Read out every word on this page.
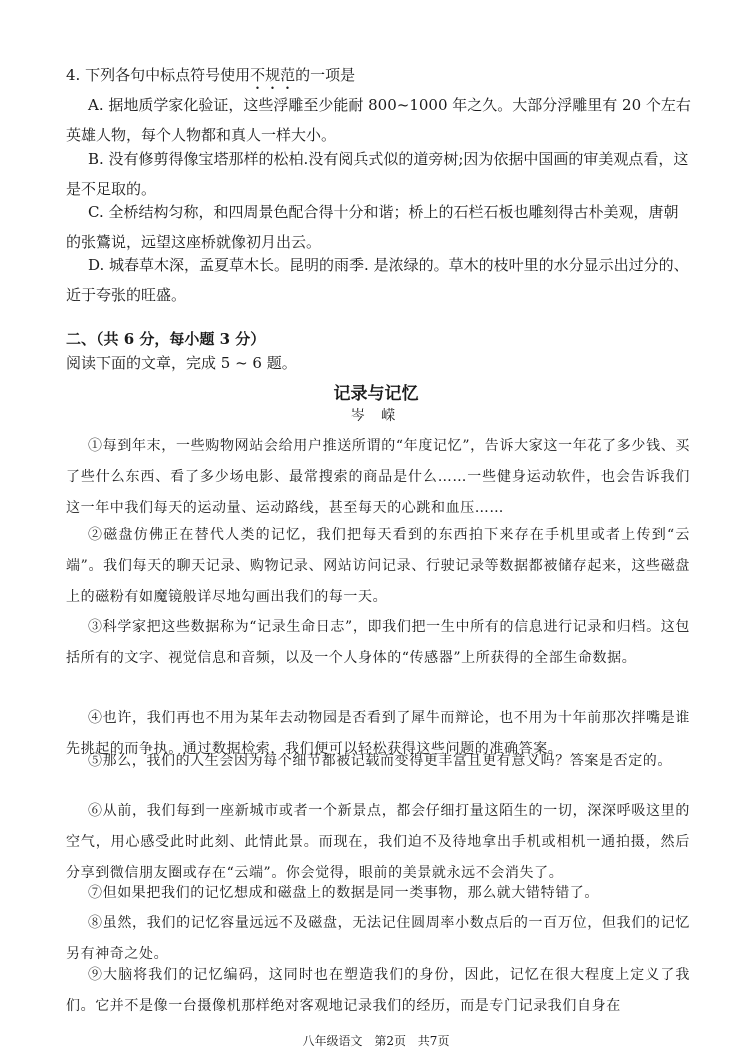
4. 下列各句中标点符号使用不规范的一项是
A. 据地质学家化验证，这些浮雕至少能耐 800~1000 年之久。大部分浮雕里有 20 个左右英雄人物，每个人物都和真人一样大小。
B. 没有修剪得像宝塔那样的松柏.没有阅兵式似的道旁树;因为依据中国画的审美观点看，这是不足取的。
C. 全桥结构匀称，和四周景色配合得十分和谐；桥上的石栏石板也雕刻得古朴美观，唐朝的张鷟说，远望这座桥就像初月出云。
D. 城春草木深，孟夏草木长。昆明的雨季. 是浓绿的。草木的枝叶里的水分显示出过分的、近于夸张的旺盛。
二、（共 6 分，每小题 3 分）
阅读下面的文章，完成 5 ~ 6 题。
记录与记忆
岑 嵘
①每到年末，一些购物网站会给用户推送所谓的“年度记忆”，告诉大家这一年花了多少钱、买了些什么东西、看了多少场电影、最常搜索的商品是什么……一些健身运动软件，也会告诉我们这一年中我们每天的运动量、运动路线，甚至每天的心跳和血压……
②磁盘仿佛正在替代人类的记忆，我们把每天看到的东西拍下来存在手机里或者上传到“云端”。我们每天的聊天记录、购物记录、网站访问记录、行驶记录等数据都被储存起来，这些磁盘上的磁粉有如魔镜般详尽地勾画出我们的每一天。
③科学家把这些数据称为“记录生命日志”，即我们把一生中所有的信息进行记录和归档。这包括所有的文字、视觉信息和音频，以及一个人身体的“传感器”上所获得的全部生命数据。
④也许，我们再也不用为某年去动物园是否看到了犀牛而辩论，也不用为十年前那次拌嘴是谁先挑起的而争执。通过数据检索，我们便可以轻松获得这些问题的准确答案。
⑤那么，我们的人生会因为每个细节都被记载而变得更丰富且更有意义吗？答案是否定的。
⑥从前，我们每到一座新城市或者一个新景点，都会仔细打量这陌生的一切，深深呼吸这里的空气，用心感受此时此刻、此情此景。而现在，我们迫不及待地拿出手机或相机一通拍摄，然后分享到微信朋友圈或存在“云端”。你会觉得，眼前的美景就永远不会消失了。
⑦但如果把我们的记忆想成和磁盘上的数据是同一类事物，那么就大错特错了。
⑧虽然，我们的记忆容量远远不及磁盘，无法记住圆周率小数点后的一百万位，但我们的记忆另有神奇之处。
⑨大脑将我们的记忆编码，这同时也在塑造我们的身份，因此，记忆在很大程度上定义了我们。它并不是像一台摄像机那样绝对客观地记录我们的经历，而是专门记录我们自身在
八年级语文 第2页 共7页
